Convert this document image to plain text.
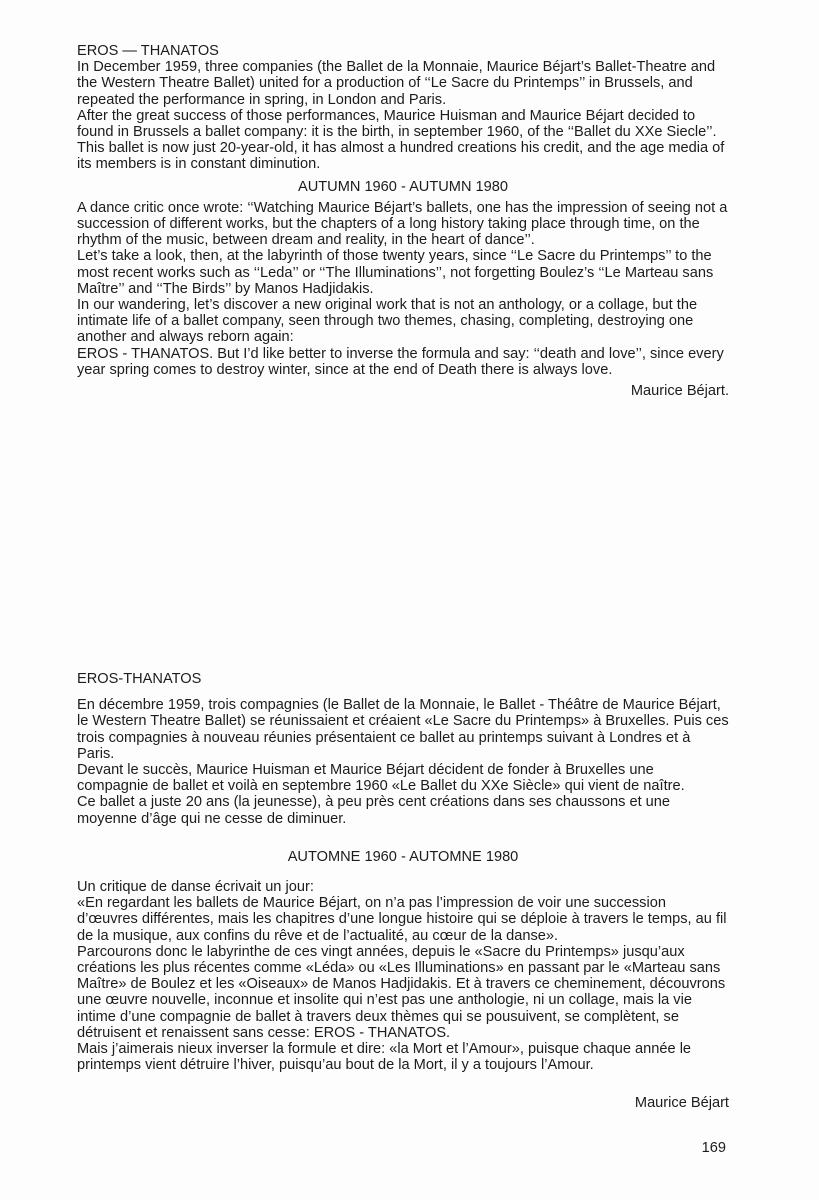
EROS — THANATOS

In December 1959, three companies (the Ballet de la Monnaie, Maurice Béjart’s Ballet-Theatre and the Western Theatre Ballet) united for a production of ‘‘Le Sacre du Printemps’’ in Brussels, and repeated the performance in spring, in London and Paris.

After the great success of those performances, Maurice Huisman and Maurice Béjart decided to found in Brussels a ballet company: it is the birth, in september 1960, of the ‘‘Ballet du XXe Siecle’’.

This ballet is now just 20-year-old, it has almost a hundred creations his credit, and the age media of its members is in constant diminution.

AUTUMN 1960 - AUTUMN 1980

A dance critic once wrote: ‘‘Watching Maurice Béjart’s ballets, one has the impression of seeing not a succession of different works, but the chapters of a long history taking place through time, on the rhythm of the music, between dream and reality, in the heart of dance’’.

Let’s take a look, then, at the labyrinth of those twenty years, since ‘‘Le Sacre du Printemps’’ to the most recent works such as ‘‘Leda’’ or ‘‘The Illuminations’’, not forgetting Boulez’s ‘‘Le Marteau sans Maître’’ and ‘‘The Birds’’ by Manos Hadjidakis.

In our wandering, let’s discover a new original work that is not an anthology, or a collage, but the intimate life of a ballet company, seen through two themes, chasing, completing, destroying one another and always reborn again:

EROS - THANATOS. But I’d like better to inverse the formula and say: ‘‘death and love’’, since every year spring comes to destroy winter, since at the end of Death there is always love.

Maurice Béjart.

EROS-THANATOS

En décembre 1959, trois compagnies (le Ballet de la Monnaie, le Ballet - Théâtre de Maurice Béjart, le Western Theatre Ballet) se réunissaient et créaient «Le Sacre du Printemps» à Bruxelles. Puis ces trois compagnies à nouveau réunies présentaient ce ballet au printemps suivant à Londres et à Paris.

Devant le succès, Maurice Huisman et Maurice Béjart décident de fonder à Bruxelles une compagnie de ballet et voilà en septembre 1960 «Le Ballet du XXe Siècle» qui vient de naître.

Ce ballet a juste 20 ans (la jeunesse), à peu près cent créations dans ses chaussons et une moyenne d’âge qui ne cesse de diminuer.

AUTOMNE 1960 - AUTOMNE 1980

Un critique de danse écrivait un jour:

«En regardant les ballets de Maurice Béjart, on n’a pas l’impression de voir une succession d’œuvres différentes, mais les chapitres d’une longue histoire qui se déploie à travers le temps, au fil de la musique, aux confins du rêve et de l’actualité, au cœur de la danse».

Parcourons donc le labyrinthe de ces vingt années, depuis le «Sacre du Printemps» jusqu’aux créations les plus récentes comme «Léda» ou «Les Illuminations» en passant par le «Marteau sans Maître» de Boulez et les «Oiseaux» de Manos Hadjidakis. Et à travers ce cheminement, découvrons une œuvre nouvelle, inconnue et insolite qui n’est pas une anthologie, ni un collage, mais la vie intime d’une compagnie de ballet à travers deux thèmes qui se pousuivent, se complètent, se détruisent et renaissent sans cesse: EROS - THANATOS.

Mais j’aimerais nieux inverser la formule et dire: «la Mort et l’Amour», puisque chaque année le printemps vient détruire l’hiver, puisqu’au bout de la Mort, il y a toujours l’Amour.

Maurice Béjart

169
